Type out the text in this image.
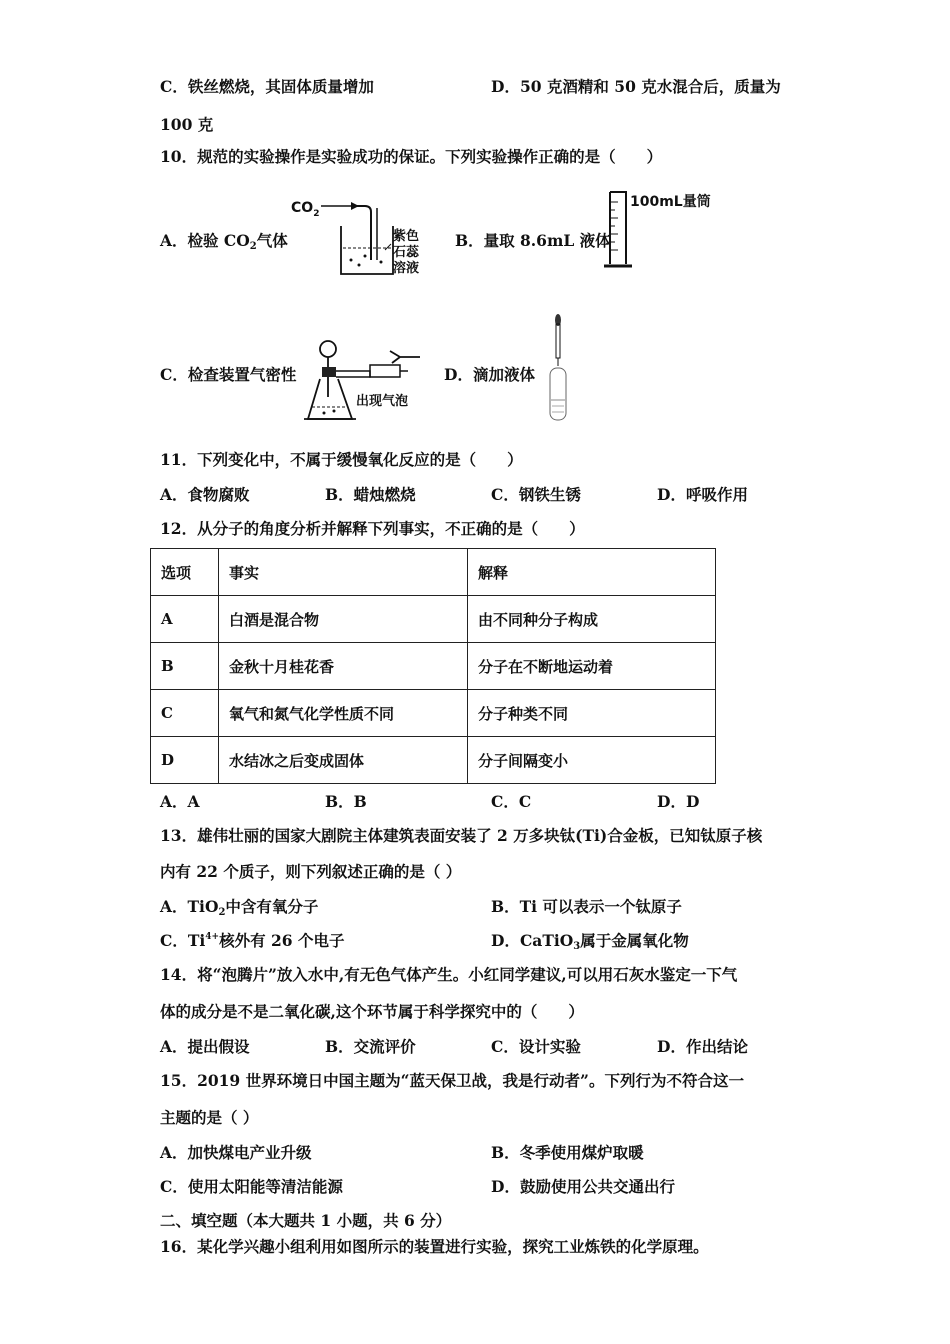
C．铁丝燃烧，其固体质量增加	D．50 克酒精和 50 克水混合后，质量为
100 克
10．规范的实验操作是实验成功的保证。下列实验操作正确的是（　　）
A．检验 $CO_2$气体
$CO_2$
紫色
石蕊
溶液
B．量取 8.6mL 液体
100mL量筒
C．检查装置气密性
出现气泡
D．滴加液体
11．下列变化中，不属于缓慢氧化反应的是（　　）
A．食物腐败	B．蜡烛燃烧	C．钢铁生锈	D．呼吸作用
12．从分子的角度分析并解释下列事实，不正确的是（　　）
选项	事实	解释
A	白酒是混合物	由不同种分子构成
B	金秋十月桂花香	分子在不断地运动着
C	氧气和氮气化学性质不同	分子种类不同
D	水结冰之后变成固体	分子间隔变小
A．A	B．B	C．C	D．D
13．雄伟壮丽的国家大剧院主体建筑表面安装了 2 万多块钛(Ti)合金板，已知钛原子核
内有 22 个质子，则下列叙述正确的是（ ）
A．TiO$_2$中含有氧分子	B．Ti 可以表示一个钛原子
C．$Ti^{4+}$核外有 26 个电子	D．CaTiO$_3$属于金属氧化物
14．将“泡腾片”放入水中,有无色气体产生。小红同学建议,可以用石灰水鉴定一下气
体的成分是不是二氧化碳,这个环节属于科学探究中的（　　）
A．提出假设	B．交流评价	C．设计实验	D．作出结论
15．2019 世界环境日中国主题为“蓝天保卫战，我是行动者”。下列行为不符合这一
主题的是（ ）
A．加快煤电产业升级	B．冬季使用煤炉取暖
C．使用太阳能等清洁能源	D．鼓励使用公共交通出行
二、填空题（本大题共 1 小题，共 6 分）
16．某化学兴趣小组利用如图所示的装置进行实验，探究工业炼铁的化学原理。
